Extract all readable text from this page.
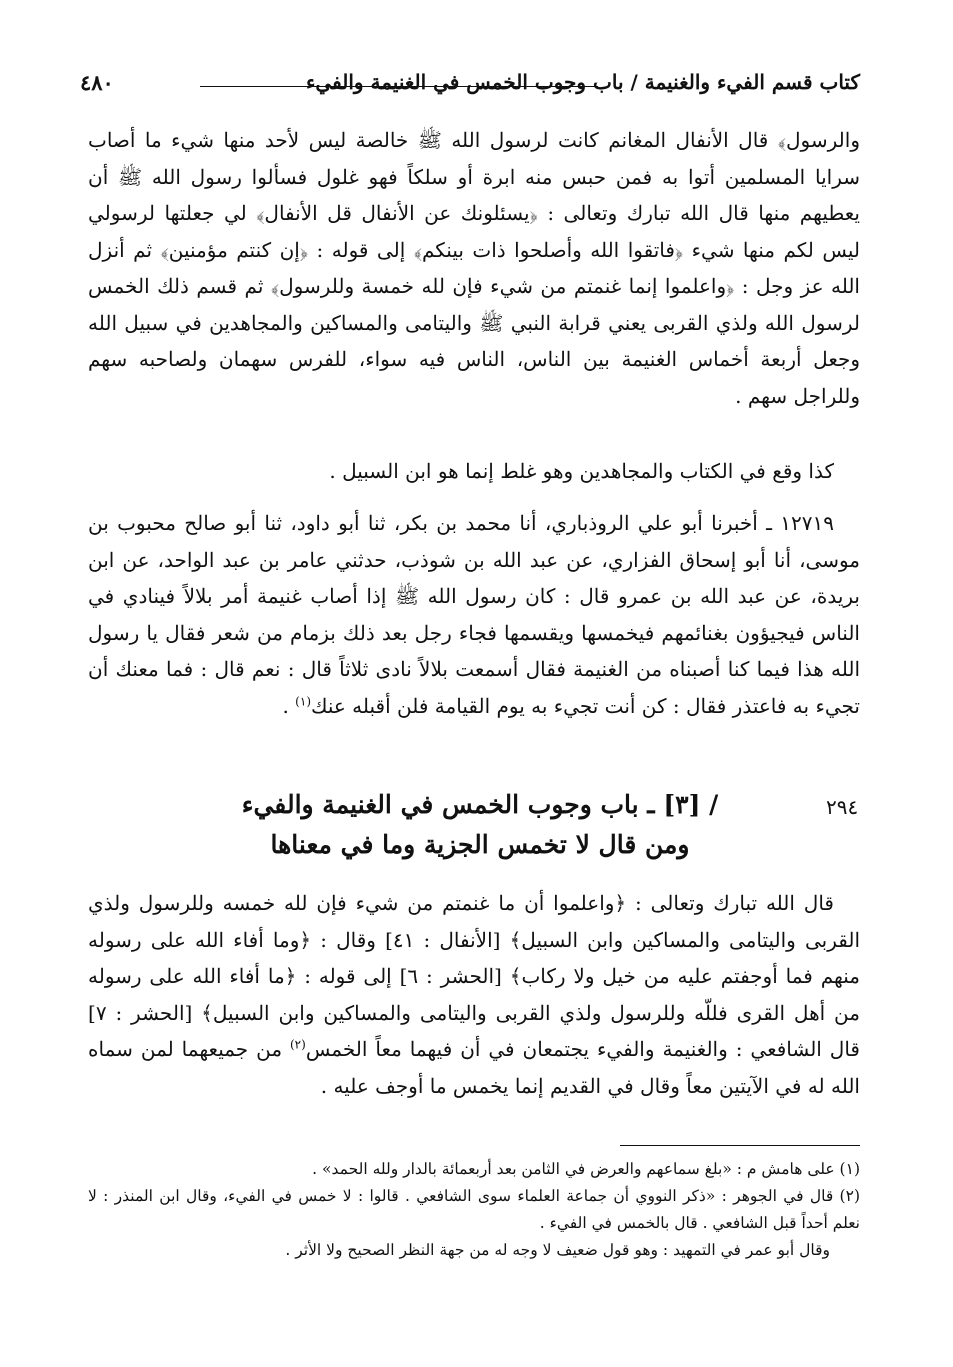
كتاب قسم الفيء والغنيمة / باب وجوب الخمس في الغنيمة والفيء
٤٨٠

والرسول﴾ قال الأنفال المغانم كانت لرسول الله ﷺ خالصة ليس لأحد منها شيء ما أصاب سرايا المسلمين أتوا به فمن حبس منه ابرة أو سلكاً فهو غلول فسألوا رسول الله ﷺ أن يعطيهم منها قال الله تبارك وتعالى : ﴿يسئلونك عن الأنفال قل الأنفال﴾ لي جعلتها لرسولي ليس لكم منها شيء ﴿فاتقوا الله وأصلحوا ذات بينكم﴾ إلى قوله : ﴿إن كنتم مؤمنين﴾ ثم أنزل الله عز وجل : ﴿واعلموا إنما غنمتم من شيء فإن لله خمسة وللرسول﴾ ثم قسم ذلك الخمس لرسول الله ولذي القربى يعني قرابة النبي ﷺ واليتامى والمساكين والمجاهدين في سبيل الله وجعل أربعة أخماس الغنيمة بين الناس، الناس فيه سواء، للفرس سهمان ولصاحبه سهم وللراجل سهم .

كذا وقع في الكتاب والمجاهدين وهو غلط إنما هو ابن السبيل .

١٢٧١٩ ـ أخبرنا أبو علي الروذباري، أنا محمد بن بكر، ثنا أبو داود، ثنا أبو صالح محبوب بن موسى، أنا أبو إسحاق الفزاري، عن عبد الله بن شوذب، حدثني عامر بن عبد الواحد، عن ابن بريدة، عن عبد الله بن عمرو قال : كان رسول الله ﷺ إذا أصاب غنيمة أمر بلالاً فينادي في الناس فيجيؤون بغنائمهم فيخمسها ويقسمها فجاء رجل بعد ذلك بزمام من شعر فقال يا رسول الله هذا فيما كنا أصبناه من الغنيمة فقال أسمعت بلالاً نادى ثلاثاً قال : نعم قال : فما معنك أن تجيء به فاعتذر فقال : كن أنت تجيء به يوم القيامة فلن أقبله عنك$^{(١)}$ .

٢٩٤
/ [٣] ـ باب وجوب الخمس في الغنيمة والفيء
ومن قال لا تخمس الجزية وما في معناها

قال الله تبارك وتعالى : ﴿واعلموا أن ما غنمتم من شيء فإن لله خمسه وللرسول ولذي القربى واليتامى والمساكين وابن السبيل﴾ [الأنفال : ٤١] وقال : ﴿وما أفاء الله على رسوله منهم فما أوجفتم عليه من خيل ولا ركاب﴾ [الحشر : ٦] إلى قوله : ﴿ما أفاء الله على رسوله من أهل القرى فللّه وللرسول ولذي القربى واليتامى والمساكين وابن السبيل﴾ [الحشر : ٧] قال الشافعي : والغنيمة والفيء يجتمعان في أن فيهما معاً الخمس$^{(٢)}$ من جميعهما لمن سماه الله له في الآيتين معاً وقال في القديم إنما يخمس ما أوجف عليه .

(١) على هامش م : «بلغ سماعهم والعرض في الثامن بعد أربعمائة بالدار ولله الحمد» .

(٢) قال في الجوهر : «ذكر النووي أن جماعة العلماء سوى الشافعي . قالوا : لا خمس في الفيء، وقال ابن المنذر : لا نعلم أحداً قبل الشافعي . قال بالخمس في الفيء .

وقال أبو عمر في التمهيد : وهو قول ضعيف لا وجه له من جهة النظر الصحيح ولا الأثر .
